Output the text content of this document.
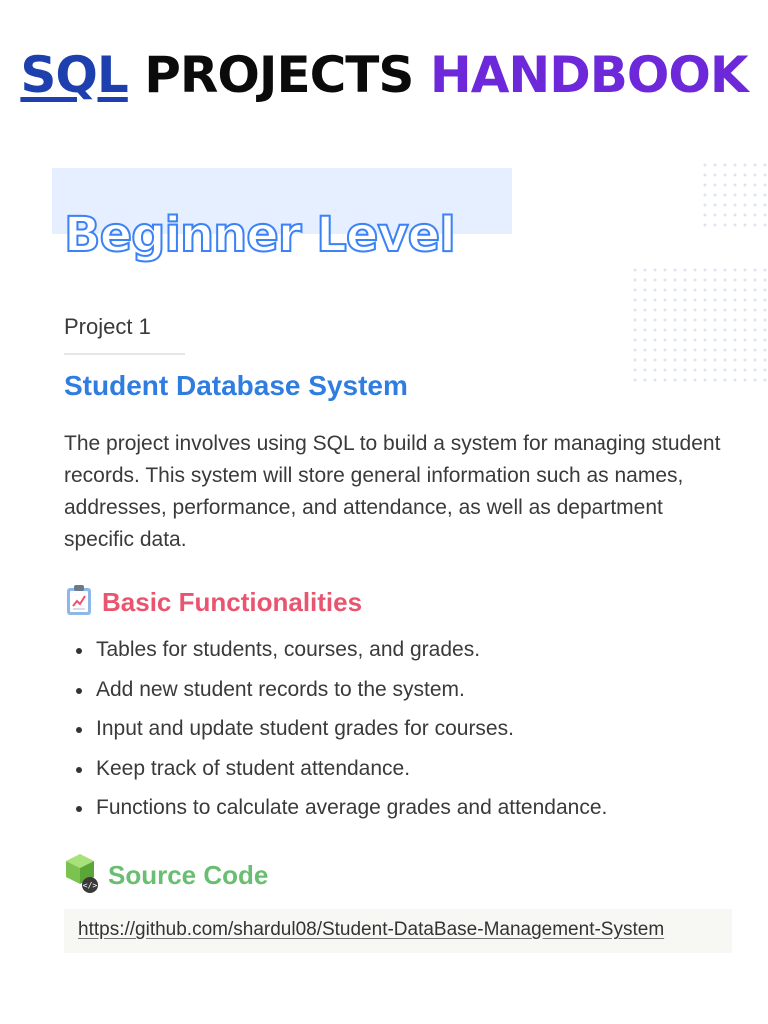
SQL PROJECTS HANDBOOK
Beginner Level
Project 1
Student Database System
The project involves using SQL to build a system for managing student records. This system will store general information such as names, addresses, performance, and attendance, as well as department specific data.
Basic Functionalities
Tables for students, courses, and grades.
Add new student records to the system.
Input and update student grades for courses.
Keep track of student attendance.
Functions to calculate average grades and attendance.
</> Source Code
https://github.com/shardul08/Student-DataBase-Management-System
